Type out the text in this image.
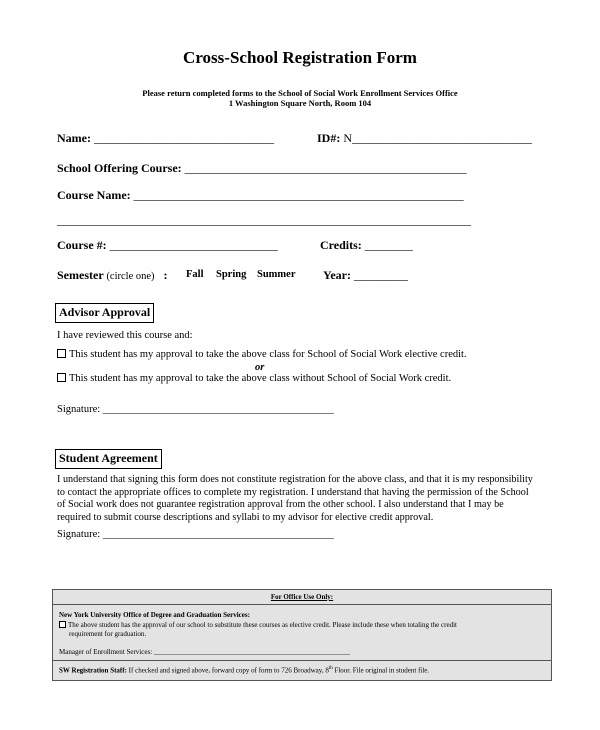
Cross-School Registration Form
Please return completed forms to the School of Social Work Enrollment Services Office
1 Washington Square North, Room 104
Name: ______________________________	ID#: N______________________________
School Offering Course: _______________________________________________
Course Name: _______________________________________________________
_____________________________________________________________________
Course #: ____________________________	Credits: ________
Semester (circle one) : Fall Spring Summer Year: _________
Advisor Approval
I have reviewed this course and:
This student has my approval to take the above class for School of Social Work elective credit.
or
This student has my approval to take the above class without School of Social Work credit.
Signature: ____________________________________________
Student Agreement
I understand that signing this form does not constitute registration for the above class, and that it is my responsibility
to contact the appropriate offices to complete my registration. I understand that having the permission of the School
of Social work does not guarantee registration approval from the other school. I also understand that I may be
required to submit course descriptions and syllabi to my advisor for elective credit approval.
Signature: ____________________________________________
For Office Use Only:
New York University Office of Degree and Graduation Services:
The above student has the approval of our school to substitute these courses as elective credit. Please include these when totaling the credit
requirement for graduation.
Manager of Enrollment Services: ________________________________________________________
SW Registration Staff: If checked and signed above, forward copy of form to 726 Broadway, 8th Floor. File original in student file.
